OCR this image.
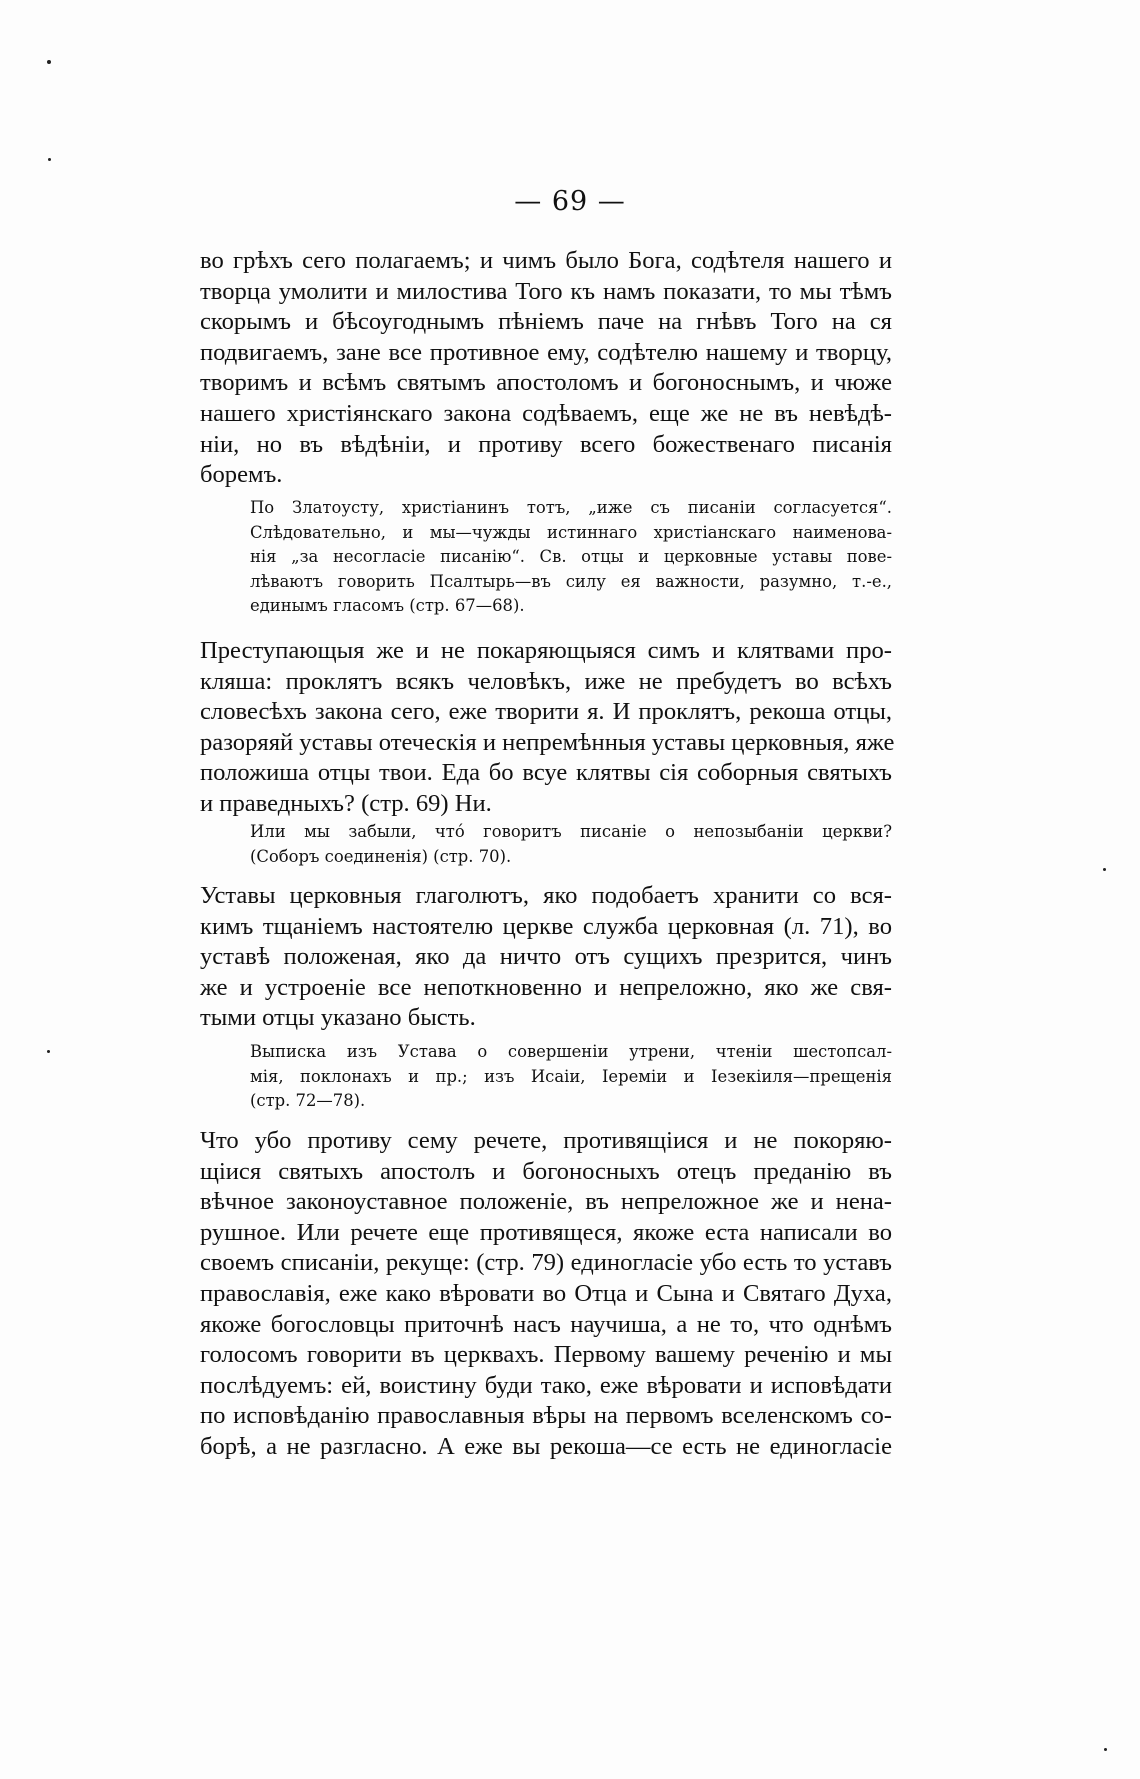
— 69 —

во грѣхъ сего полагаемъ; и чимъ было Бога, содѣтеля нашего и
творца умолити и милостива Того къ намъ показати, то мы тѣмъ
скорымъ и бѣсоугоднымъ пѣніемъ паче на гнѣвъ Того на ся
подвигаемъ, зане все противное ему, содѣтелю нашему и творцу,
творимъ и всѣмъ святымъ апостоломъ и богоноснымъ, и чюже
нашего христіянскаго закона содѣваемъ, еще же не въ невѣдѣ-
ніи, но въ вѣдѣніи, и противу всего божественаго писанія
боремъ.
По Златоусту, христіанинъ тотъ, „иже съ писаніи согласуется“.
Слѣдовательно, и мы—чужды истиннаго христіанскаго наименова-
нія „за несогласіе писанію“. Св. отцы и церковные уставы пове-
лѣваютъ говорить Псалтырь—въ силу ея важности, разумно, т.-е.,
единымъ гласомъ (стр. 67—68).
Преступающыя же и не покаряющыяся симъ и клятвами про-
кляша: проклятъ всякъ человѣкъ, иже не пребудетъ во всѣхъ
словесѣхъ закона сего, еже творити я. И проклятъ, рекоша отцы,
разоряяй уставы отеческія и непремѣнныя уставы церковныя, яже
положиша отцы твои. Еда бо всуе клятвы сія соборныя святыхъ
и праведныхъ? (стр. 69) Ни.
Или мы забыли, что́ говоритъ писаніе о непозыбаніи церкви?
(Соборъ соединенія) (стр. 70).
Уставы церковныя глаголютъ, яко подобаетъ хранити со вся-
кимъ тщаніемъ настоятелю церкве служба церковная (л. 71), во
уставѣ положеная, яко да ничто отъ сущихъ презрится, чинъ
же и устроеніе все непоткновенно и непреложно, яко же свя-
тыми отцы указано бысть.
Выписка изъ Устава о совершеніи утрени, чтеніи шестопсал-
мія, поклонахъ и пр.; изъ Исаіи, Іереміи и Іезекіиля—прещенія
(стр. 72—78).
Что убо противу сему речете, противящіися и не покоряю-
щіися святыхъ апостолъ и богоносныхъ отецъ преданію въ
вѣчное законоуставное положеніе, въ непреложное же и нена-
рушное. Или речете еще противящеся, якоже еста написали во
своемъ списаніи, рекуще: (стр. 79) единогласіе убо есть то уставъ
православія, еже како вѣровати во Отца и Сына и Святаго Духа,
якоже богословцы приточнѣ насъ научиша, а не то, что однѣмъ
голосомъ говорити въ церквахъ. Первому вашему реченію и мы
послѣдуемъ: ей, воистину буди тако, еже вѣровати и исповѣдати
по исповѣданію православныя вѣры на первомъ вселенскомъ со-
борѣ, а не разгласно. А еже вы рекоша—се есть не единогласіе
